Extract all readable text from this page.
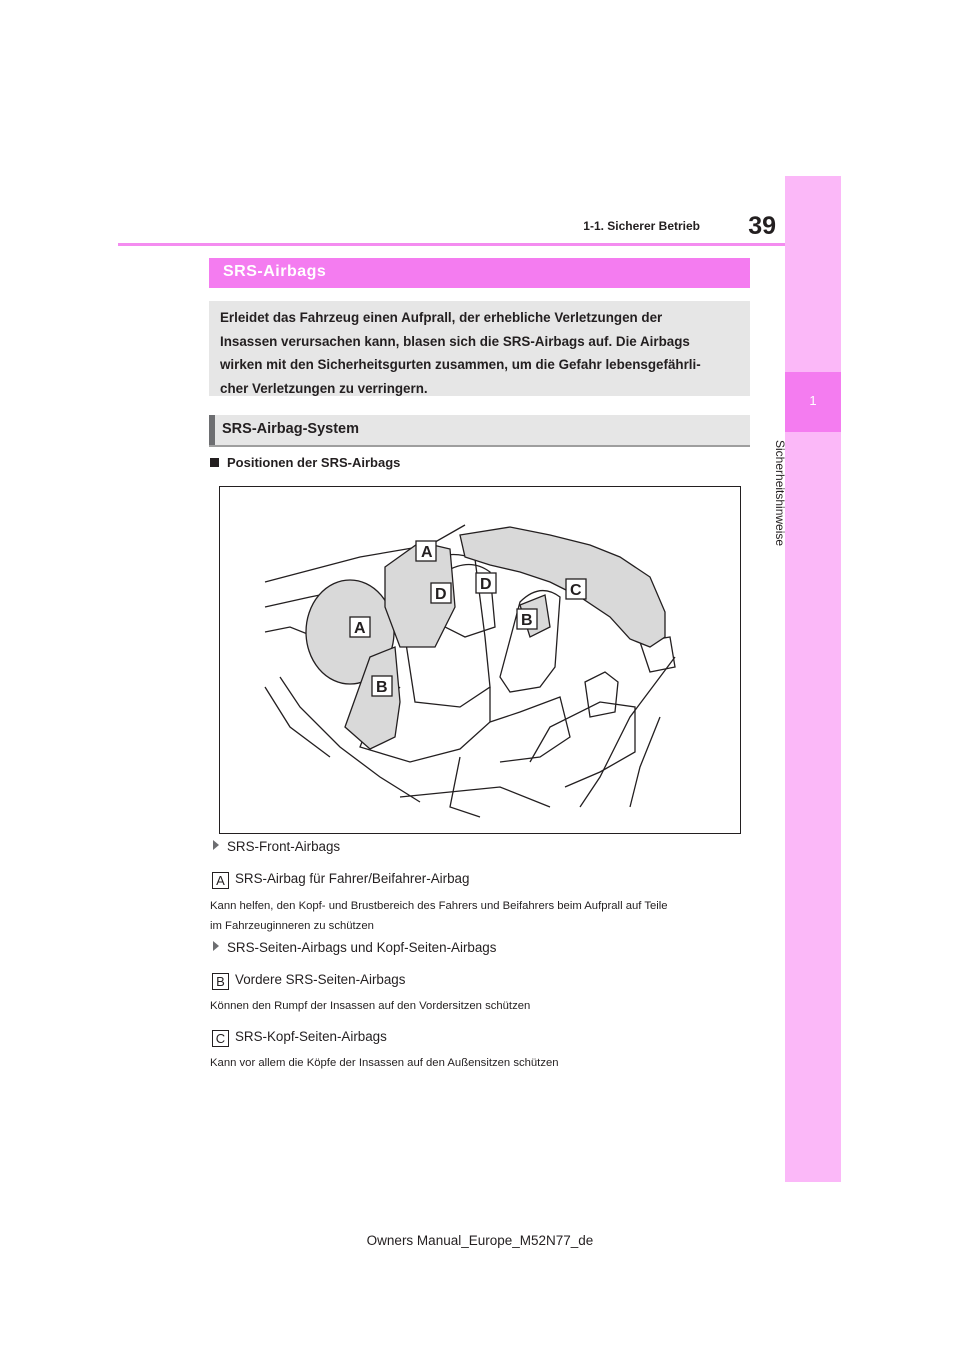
39
1-1. Sicherer Betrieb
1
Sicherheitshinweise
SRS-Airbags

Erleidet das Fahrzeug einen Aufprall, der erhebliche Verletzungen der
Insassen verursachen kann, blasen sich die SRS-Airbags auf. Die Airbags
wirken mit den Sicherheitsgurten zusammen, um die Gefahr lebensgefährli-
cher Verletzungen zu verringern.

SRS-Airbag-System
Positionen der SRS-Airbags
A
D
D	C
B
A
B
SRS-Front-Airbags
A SRS-Airbag für Fahrer/Beifahrer-Airbag
Kann helfen, den Kopf- und Brustbereich des Fahrers und Beifahrers beim Aufprall auf Teile
im Fahrzeuginneren zu schützen
SRS-Seiten-Airbags und Kopf-Seiten-Airbags
B Vordere SRS-Seiten-Airbags
Können den Rumpf der Insassen auf den Vordersitzen schützen
C SRS-Kopf-Seiten-Airbags
Kann vor allem die Köpfe der Insassen auf den Außensitzen schützen
Owners Manual_Europe_M52N77_de
